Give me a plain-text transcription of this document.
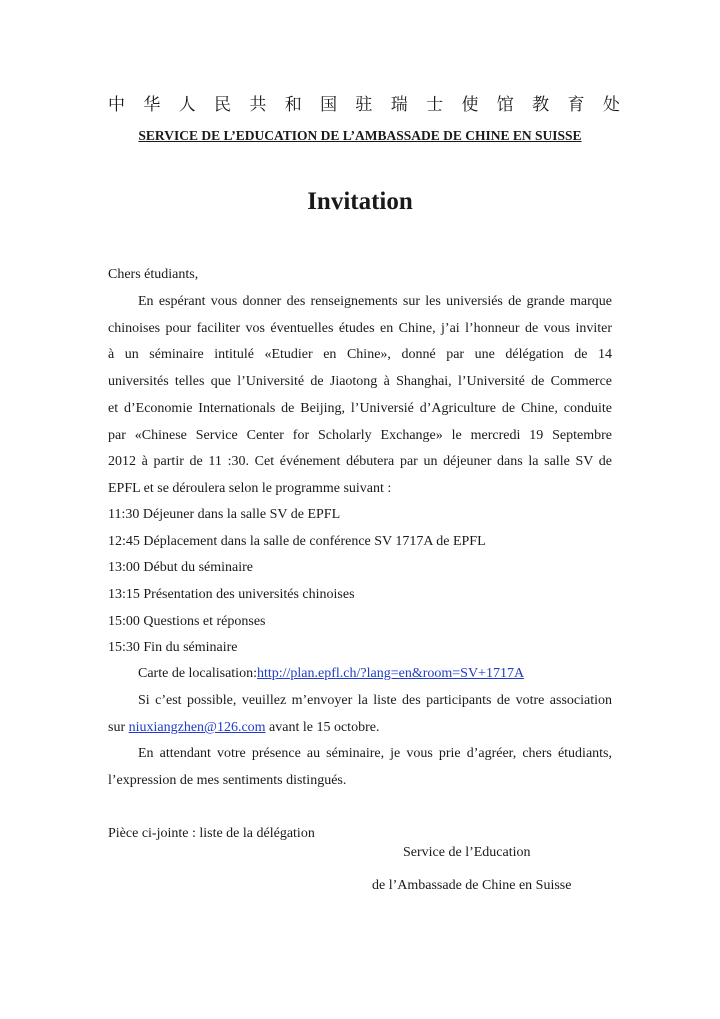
中 华 人 民 共 和 国 驻 瑞 士 使 馆 教 育 处
SERVICE DE L’EDUCATION DE L’AMBASSADE DE CHINE EN SUISSE
Invitation
Chers étudiants,
En espérant vous donner des renseignements sur les universiés de grande marque
chinoises pour faciliter vos éventuelles études en Chine, j’ai l’honneur de vous inviter
à un séminaire intitulé «Etudier en Chine», donné par une délégation de 14
universités telles que l’Université de Jiaotong à Shanghai, l’Université de Commerce
et d’Economie Internationals de Beijing, l’Universié d’Agriculture de Chine, conduite
par «Chinese Service Center for Scholarly Exchange» le mercredi 19 Septembre
2012 à partir de 11 :30. Cet événement débutera par un déjeuner dans la salle SV de
EPFL et se déroulera selon le programme suivant :
11:30 Déjeuner dans la salle SV de EPFL
12:45 Déplacement dans la salle de conférence SV 1717A de EPFL
13:00 Début du séminaire
13:15 Présentation des universités chinoises
15:00 Questions et réponses
15:30 Fin du séminaire
Carte de localisation:http://plan.epfl.ch/?lang=en&room=SV+1717A
Si c’est possible, veuillez m’envoyer la liste des participants de votre association
sur niuxiangzhen@126.com avant le 15 octobre.
En attendant votre présence au séminaire, je vous prie d’agréer, chers étudiants,
l’expression de mes sentiments distingués.
Pièce ci-jointe : liste de la délégation
Service de l’Education
de l’Ambassade de Chine en Suisse
